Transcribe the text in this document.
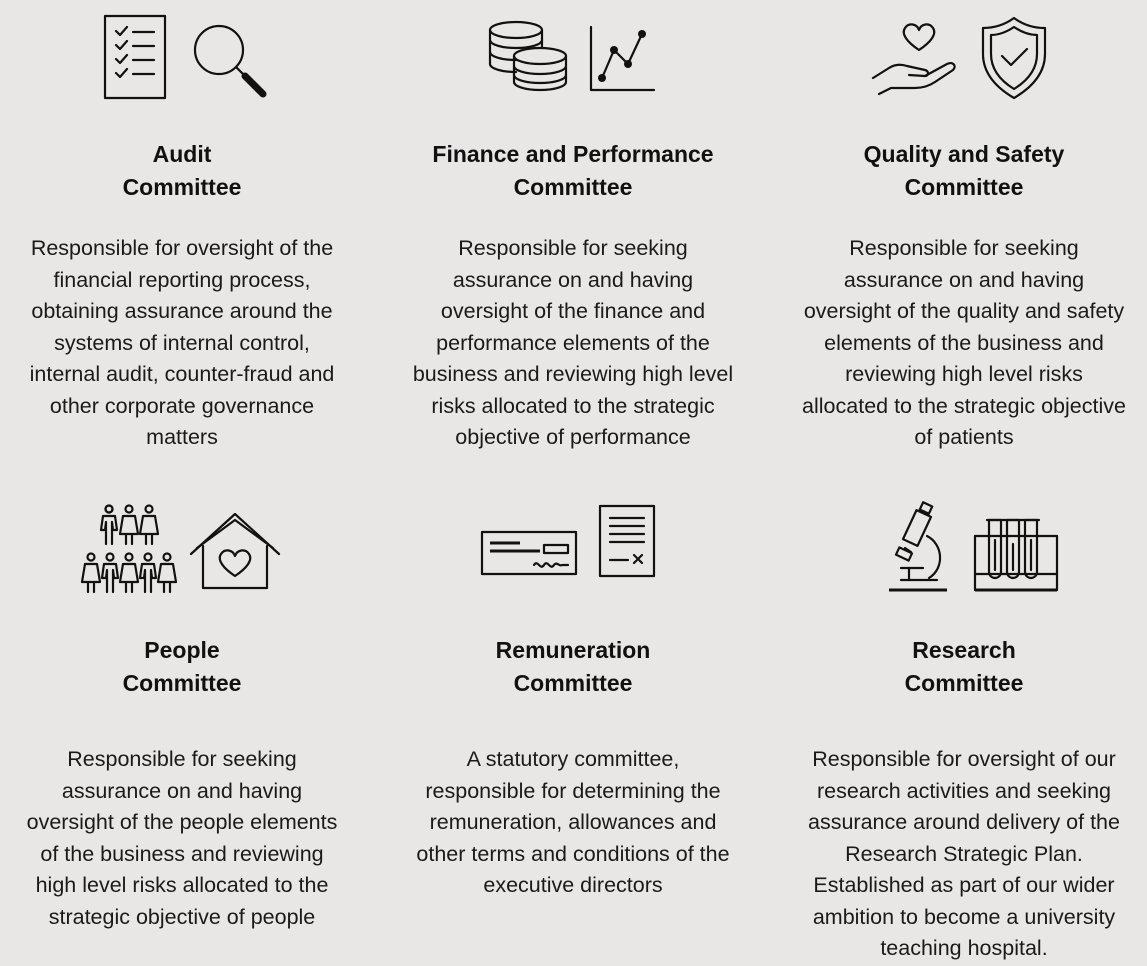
Audit
Committee

Responsible for oversight of the
financial reporting process,
obtaining assurance around the
systems of internal control,
internal audit, counter-fraud and
other corporate governance
matters

Finance and Performance
Committee

Responsible for seeking
assurance on and having
oversight of the finance and
performance elements of the
business and reviewing high level
risks allocated to the strategic
objective of performance

Quality and Safety
Committee

Responsible for seeking
assurance on and having
oversight of the quality and safety
elements of the business and
reviewing high level risks
allocated to the strategic objective
of patients

People
Committee

Responsible for seeking
assurance on and having
oversight of the people elements
of the business and reviewing
high level risks allocated to the
strategic objective of people

Remuneration
Committee

A statutory committee,
responsible for determining the
remuneration, allowances and
other terms and conditions of the
executive directors

Research
Committee

Responsible for oversight of our
research activities and seeking
assurance around delivery of the
Research Strategic Plan.
Established as part of our wider
ambition to become a university
teaching hospital.
